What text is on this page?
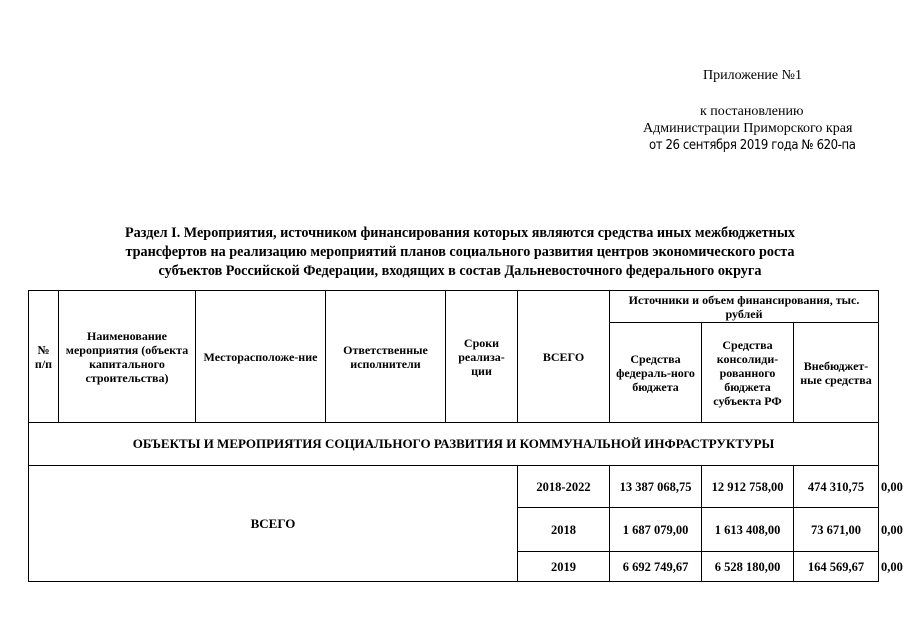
Приложение №1
к постановлению
Администрации Приморского края
от 26 сентября 2019 года № 620-па
Раздел I. Мероприятия, источником финансирования которых являются средства иных межбюджетных
трансфертов на реализацию мероприятий планов социального развития центров экономического роста
субъектов Российской Федерации, входящих в состав Дальневосточного федерального округа
№ п/п	Наименование мероприятия (объекта капитального строительства)	Месторасположе-ние	Ответственные исполнители	Сроки реализа-ции	ВСЕГО	Источники и объем финансирования, тыс. рублей			
						Средства федераль-ного бюджета	Средства консолиди-рованного бюджета субъекта РФ	Внебюджет-ные средства	
ОБЪЕКТЫ И МЕРОПРИЯТИЯ СОЦИАЛЬНОГО РАЗВИТИЯ И КОММУНАЛЬНОЙ ИНФРАСТРУКТУРЫ									
ВСЕГО					2018-2022	13 387 068,75	12 912 758,00	474 310,75	0,00
					2018	1 687 079,00	1 613 408,00	73 671,00	0,00
					2019	6 692 749,67	6 528 180,00	164 569,67	0,00
